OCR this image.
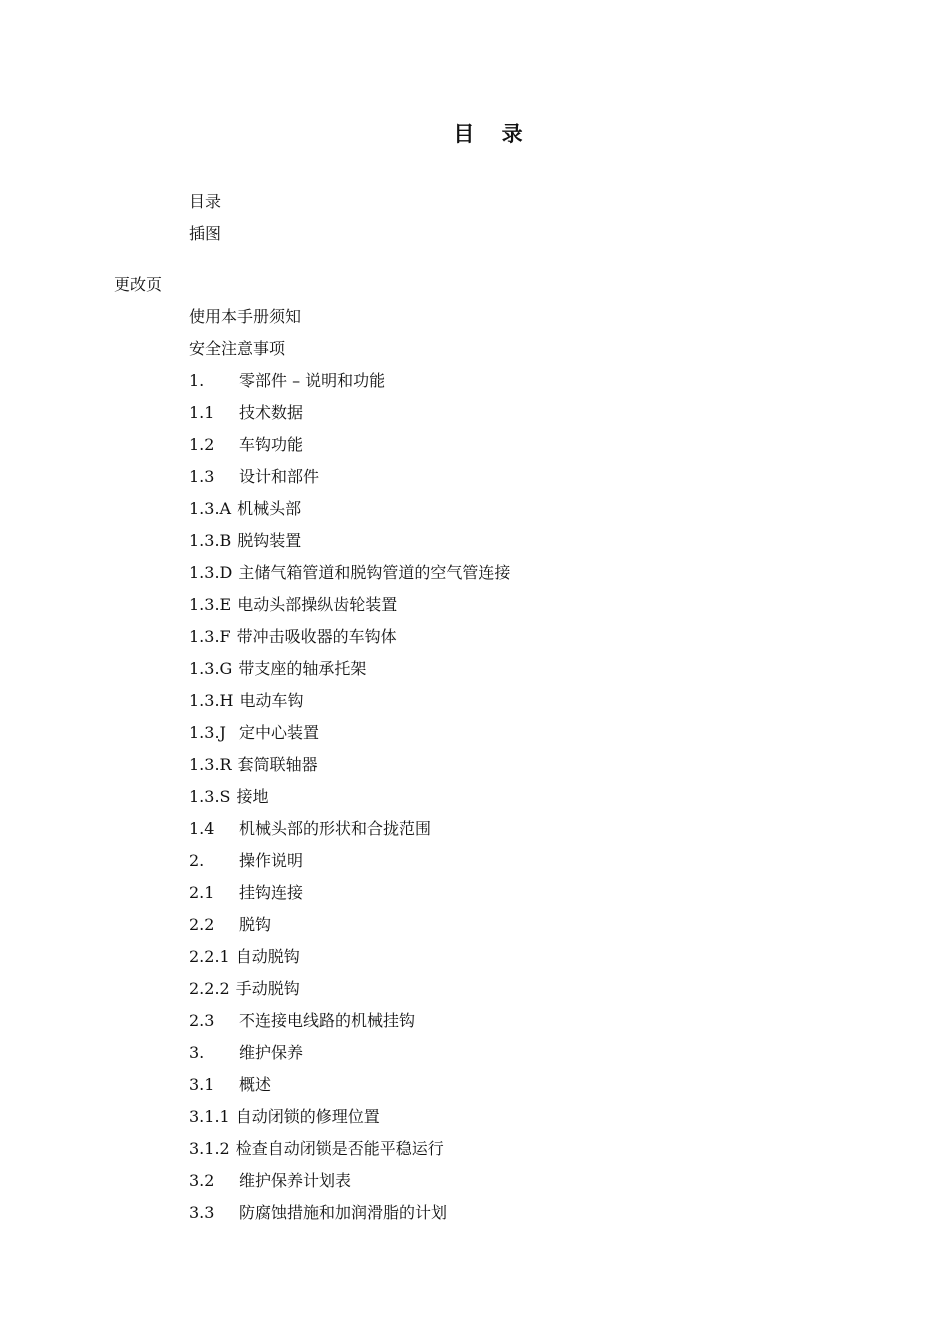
目 录
目录
插图
更改页
使用本手册须知
安全注意事项
1. 零部件 – 说明和功能
1.1 技术数据
1.2 车钩功能
1.3 设计和部件
1.3.A 机械头部
1.3.B 脱钩装置
1.3.D 主储气箱管道和脱钩管道的空气管连接
1.3.E 电动头部操纵齿轮装置
1.3.F 带冲击吸收器的车钩体
1.3.G 带支座的轴承托架
1.3.H 电动车钩
1.3.J 定中心装置
1.3.R 套筒联轴器
1.3.S 接地
1.4 机械头部的形状和合拢范围
2. 操作说明
2.1 挂钩连接
2.2 脱钩
2.2.1 自动脱钩
2.2.2 手动脱钩
2.3 不连接电线路的机械挂钩
3. 维护保养
3.1 概述
3.1.1 自动闭锁的修理位置
3.1.2 检查自动闭锁是否能平稳运行
3.2 维护保养计划表
3.3 防腐蚀措施和加润滑脂的计划
